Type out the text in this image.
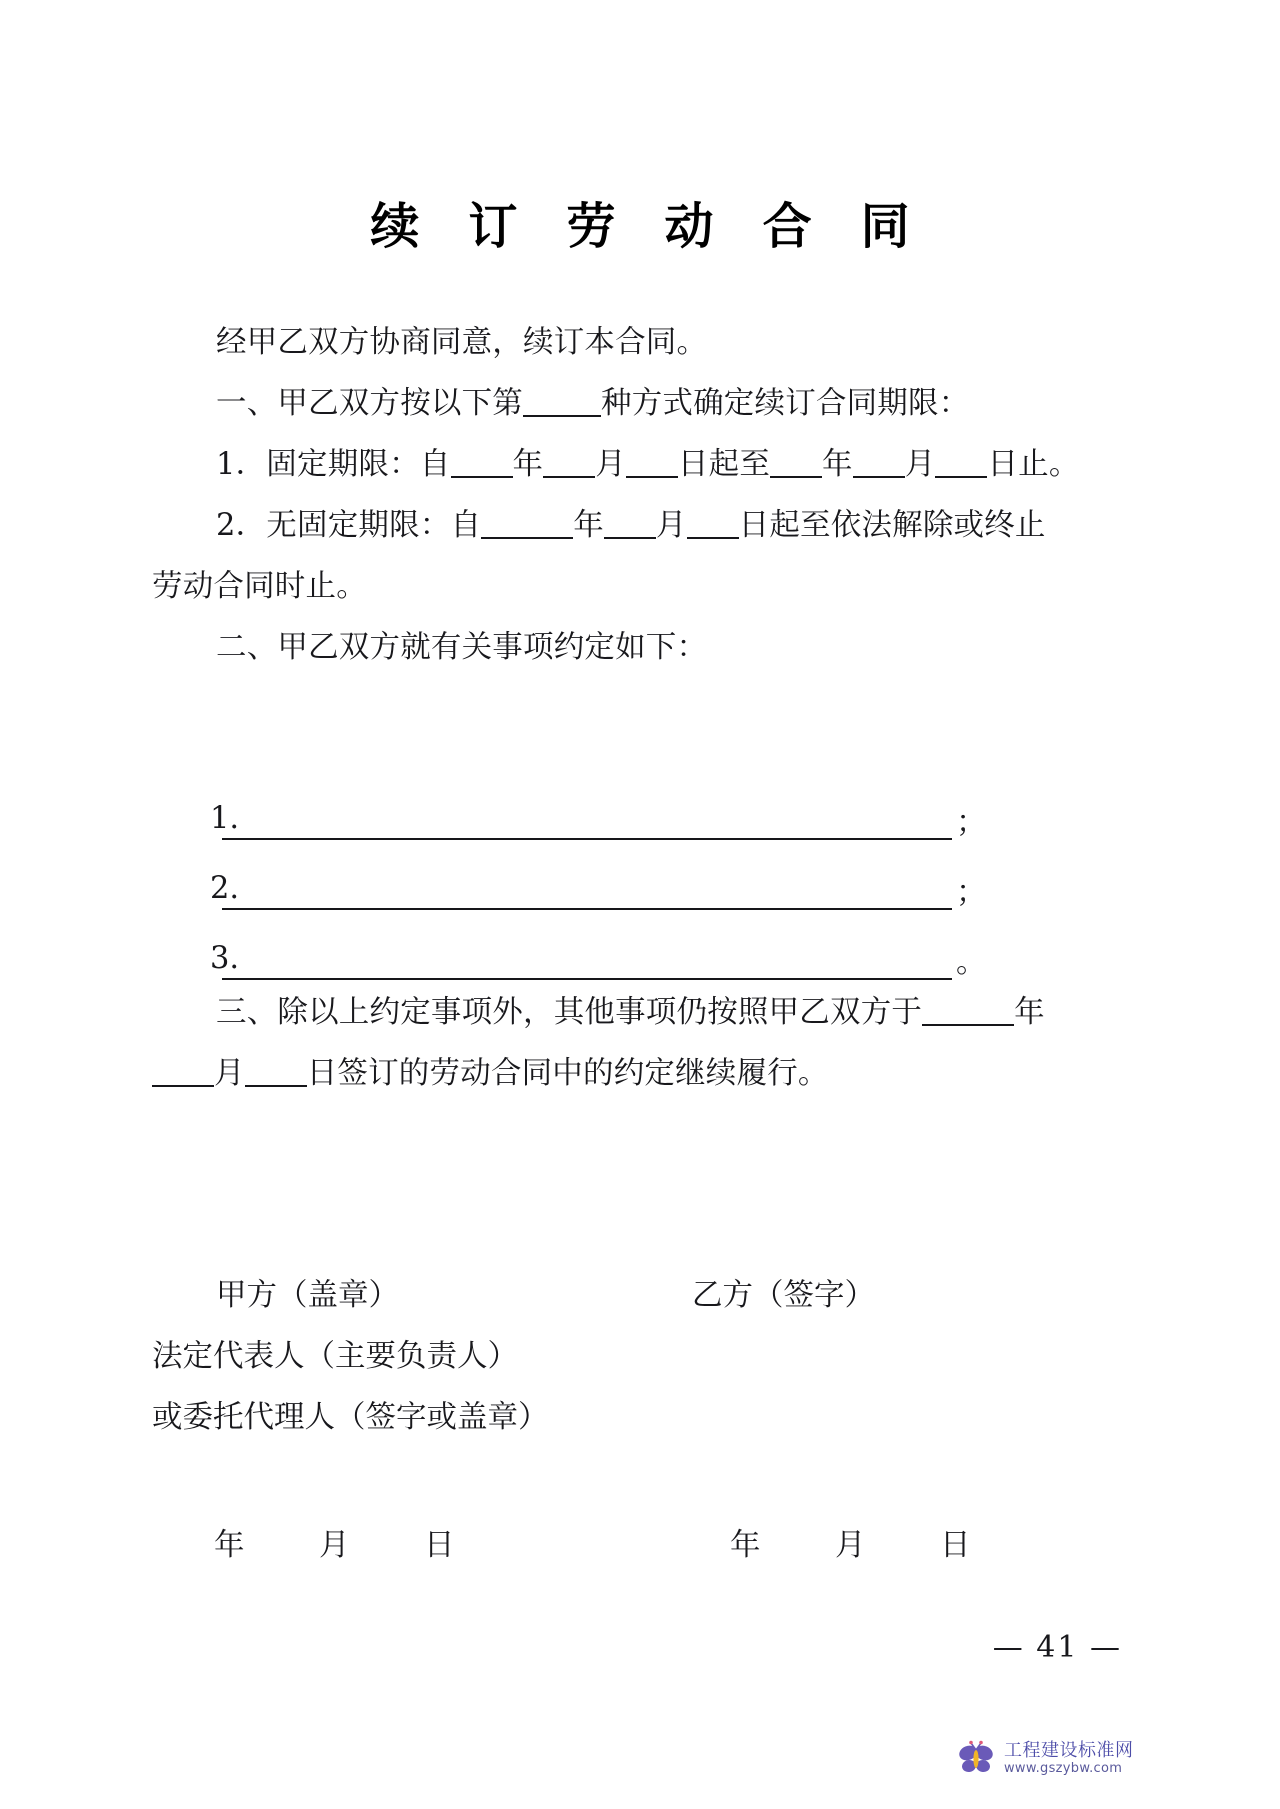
续 订 劳 动 合 同
经甲乙双方协商同意，续订本合同。
一、甲乙双方按以下第	种方式确定续订合同期限：
1．固定期限：自 年 月 日起至 年 月 日止。
2．无固定期限：自	年 月 日起至依法解除或终止
劳动合同时止。
二、甲乙双方就有关事项约定如下：
1.	；
2.	；
3.	。
三、除以上约定事项外，其他事项仍按照甲乙双方于	年
月 日签订的劳动合同中的约定继续履行。
甲方（盖章）	乙方（签字）
法定代表人（主要负责人）
或委托代理人（签字或盖章）
年　月　日	年　月　日
— 41 —
工程建设标准网
www.gszybw.com
